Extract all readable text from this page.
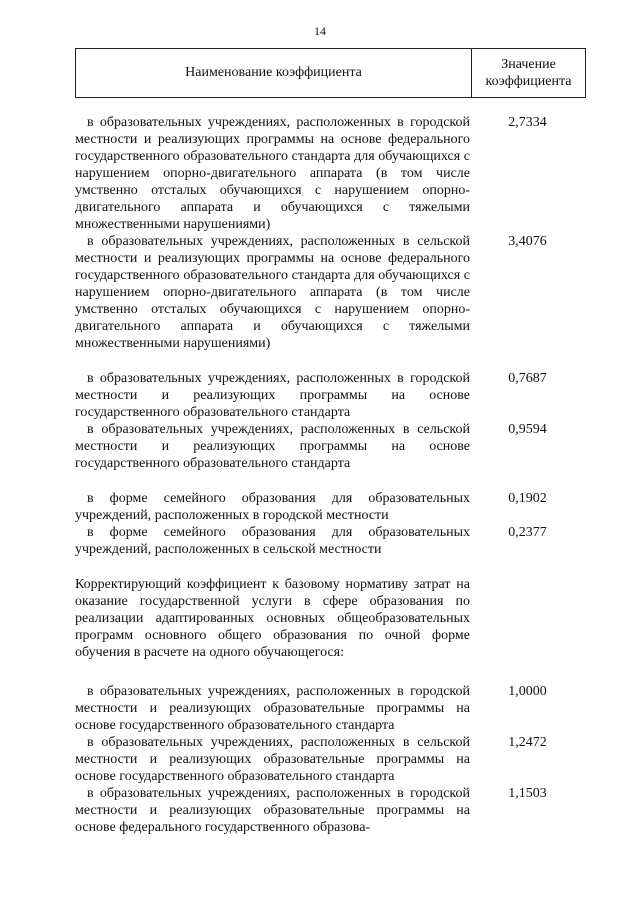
14
Наименование коэффициента
Значение
коэффициента
в образовательных учреждениях, расположенных в городской местности и реализующих программы на основе федерального государственного образовательного стандарта для обучающихся с нарушением опорно-двигательного аппарата (в том числе умственно отсталых обучающихся с нарушением опорно-двигательного аппарата и обучающихся с тяжелыми множественными нарушениями)
2,7334
в образовательных учреждениях, расположенных в сельской местности и реализующих программы на основе федерального государственного образовательного стандарта для обучающихся с нарушением опорно-двигательного аппарата (в том числе умственно отсталых обучающихся с нарушением опорно-двигательного аппарата и обучающихся с тяжелыми множественными нарушениями)
3,4076
в образовательных учреждениях, расположенных в городской местности и реализующих программы на основе государственного образовательного стандарта
0,7687
в образовательных учреждениях, расположенных в сельской местности и реализующих программы на основе государственного образовательного стандарта
0,9594
в форме семейного образования для образовательных учреждений, расположенных в городской местности
0,1902
в форме семейного образования для образовательных учреждений, расположенных в сельской местности
0,2377
Корректирующий коэффициент к базовому нормативу затрат на оказание государственной услуги в сфере образования по реализации адаптированных основных общеобразовательных программ основного общего образования по очной форме обучения в расчете на одного обучающегося:
в образовательных учреждениях, расположенных в городской местности и реализующих образовательные программы на основе государственного образовательного стандарта
1,0000
в образовательных учреждениях, расположенных в сельской местности и реализующих образовательные программы на основе государственного образовательного стандарта
1,2472
в образовательных учреждениях, расположенных в городской местности и реализующих образовательные программы на основе федерального государственного образова-
1,1503
